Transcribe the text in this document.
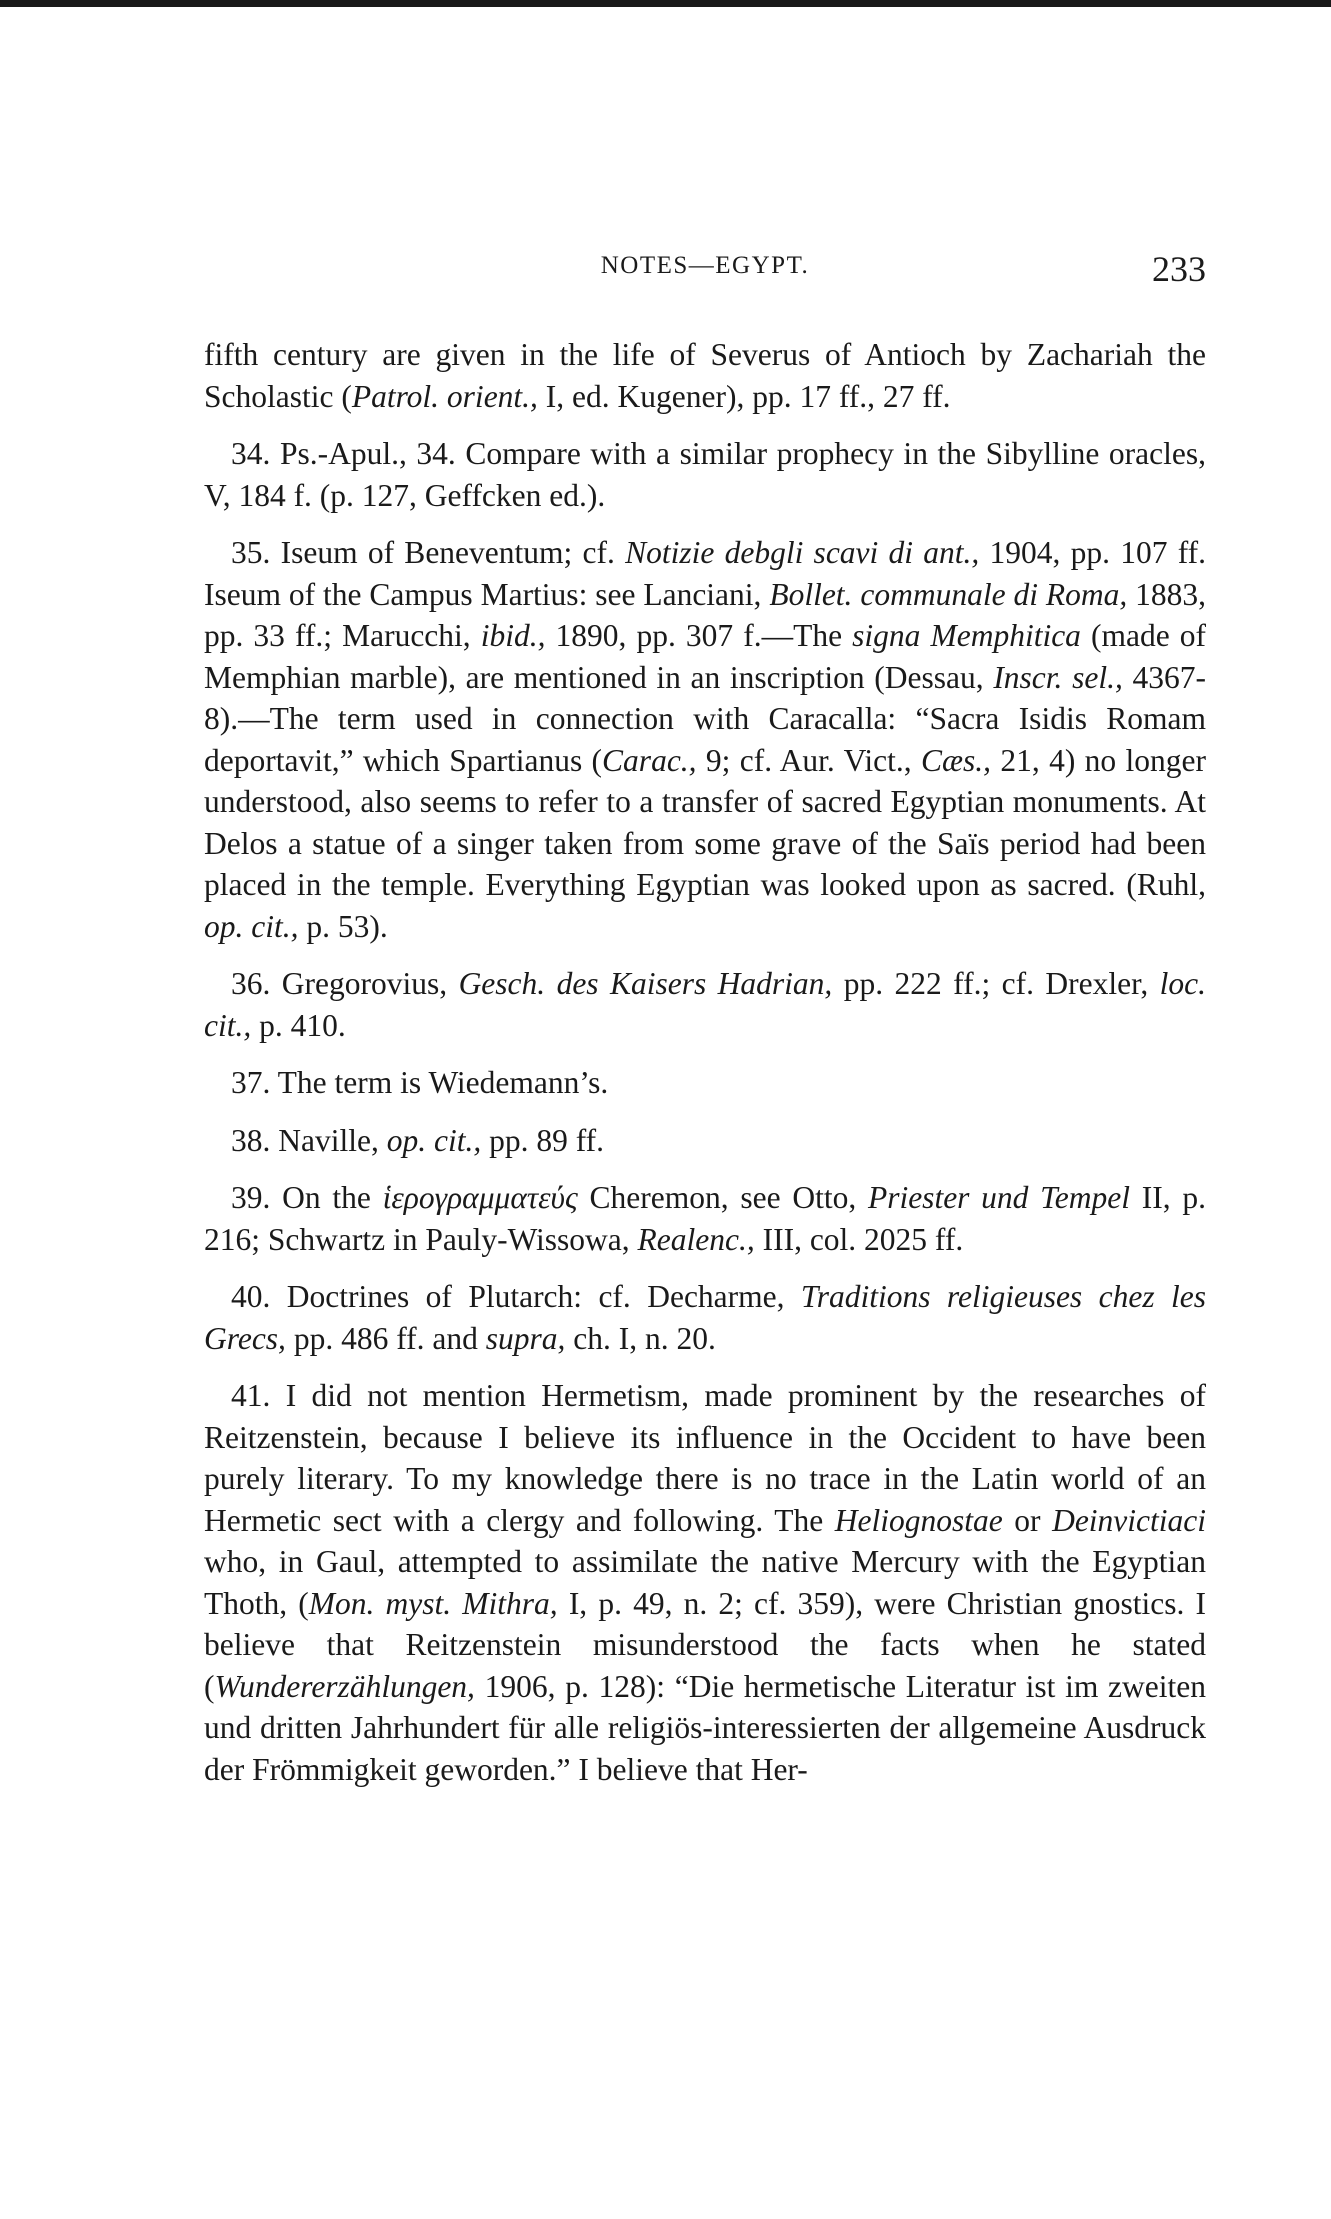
NOTES—EGYPT.	233

fifth century are given in the life of Severus of Antioch by Zachariah the Scholastic (Patrol. orient., I, ed. Kugener), pp. 17 ff., 27 ff.

34. Ps.-Apul., 34. Compare with a similar prophecy in the Sibylline oracles, V, 184 f. (p. 127, Geffcken ed.).

35. Iseum of Beneventum; cf. Notizie debgli scavi di ant., 1904, pp. 107 ff. Iseum of the Campus Martius: see Lanciani, Bollet. communale di Roma, 1883, pp. 33 ff.; Marucchi, ibid., 1890, pp. 307 f.—The signa Memphitica (made of Memphian marble), are mentioned in an inscription (Dessau, Inscr. sel., 4367-8).—The term used in connection with Caracalla: “Sacra Isidis Romam deportavit,” which Spartianus (Carac., 9; cf. Aur. Vict., Cæs., 21, 4) no longer understood, also seems to refer to a transfer of sacred Egyptian monuments. At Delos a statue of a singer taken from some grave of the Saïs period had been placed in the temple. Everything Egyptian was looked upon as sacred. (Ruhl, op. cit., p. 53).

36. Gregorovius, Gesch. des Kaisers Hadrian, pp. 222 ff.; cf. Drexler, loc. cit., p. 410.

37. The term is Wiedemann’s.

38. Naville, op. cit., pp. 89 ff.

39. On the ἱερογραμματεύς Cheremon, see Otto, Priester und Tempel II, p. 216; Schwartz in Pauly-Wissowa, Realenc., III, col. 2025 ff.

40. Doctrines of Plutarch: cf. Decharme, Traditions religieuses chez les Grecs, pp. 486 ff. and supra, ch. I, n. 20.

41. I did not mention Hermetism, made prominent by the researches of Reitzenstein, because I believe its influence in the Occident to have been purely literary. To my knowledge there is no trace in the Latin world of an Hermetic sect with a clergy and following. The Heliognostae or Deinvictiaci who, in Gaul, attempted to assimilate the native Mercury with the Egyptian Thoth, (Mon. myst. Mithra, I, p. 49, n. 2; cf. 359), were Christian gnostics. I believe that Reitzenstein misunderstood the facts when he stated (Wundererzählungen, 1906, p. 128): “Die hermetische Literatur ist im zweiten und dritten Jahrhundert für alle religiös-interessierten der allgemeine Ausdruck der Frömmigkeit geworden.” I believe that Her-
